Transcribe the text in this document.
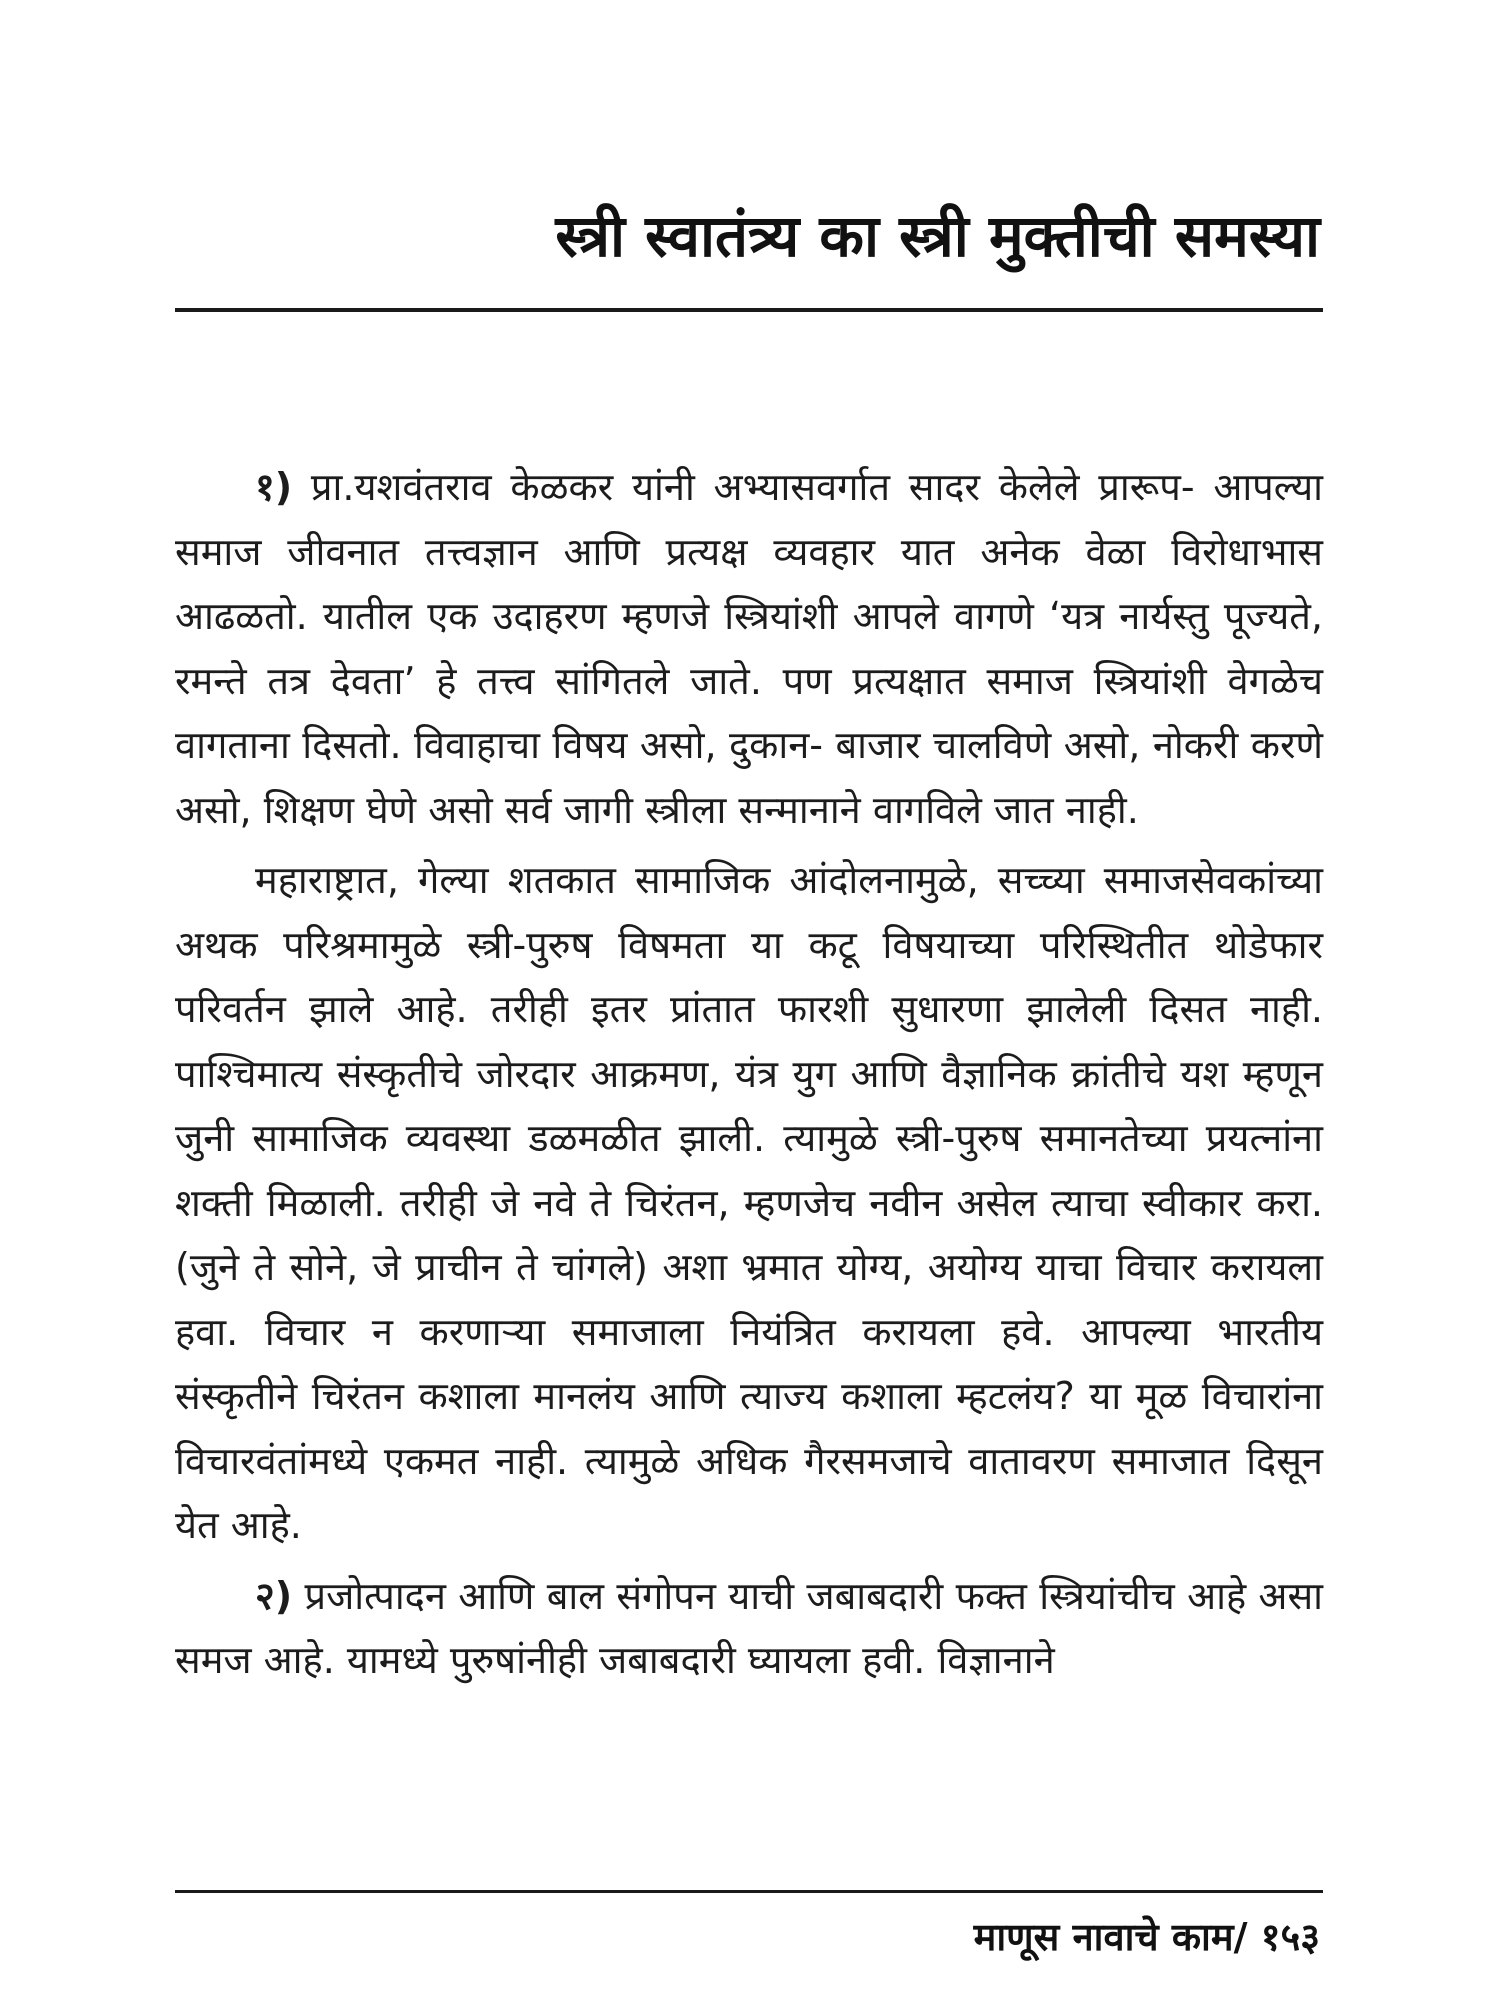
स्त्री स्वातंत्र्य का स्त्री मुक्तीची समस्या

१) प्रा.यशवंतराव केळकर यांनी अभ्यासवर्गात सादर केलेले प्रारूप- आपल्या समाज जीवनात तत्त्वज्ञान आणि प्रत्यक्ष व्यवहार यात अनेक वेळा विरोधाभास आढळतो. यातील एक उदाहरण म्हणजे स्त्रियांशी आपले वागणे ‘यत्र नार्यस्तु पूज्यते, रमन्ते तत्र देवता’ हे तत्त्व सांगितले जाते. पण प्रत्यक्षात समाज स्त्रियांशी वेगळेच वागताना दिसतो. विवाहाचा विषय असो, दुकान- बाजार चालविणे असो, नोकरी करणे असो, शिक्षण घेणे असो सर्व जागी स्त्रीला सन्मानाने वागविले जात नाही.

महाराष्ट्रात, गेल्या शतकात सामाजिक आंदोलनामुळे, सच्च्या समाजसेवकांच्या अथक परिश्रमामुळे स्त्री-पुरुष विषमता या कटू विषयाच्या परिस्थितीत थोडेफार परिवर्तन झाले आहे. तरीही इतर प्रांतात फारशी सुधारणा झालेली दिसत नाही. पाश्चिमात्य संस्कृतीचे जोरदार आक्रमण, यंत्र युग आणि वैज्ञानिक क्रांतीचे यश म्हणून जुनी सामाजिक व्यवस्था डळमळीत झाली. त्यामुळे स्त्री-पुरुष समानतेच्या प्रयत्नांना शक्ती मिळाली. तरीही जे नवे ते चिरंतन, म्हणजेच नवीन असेल त्याचा स्वीकार करा. (जुने ते सोने, जे प्राचीन ते चांगले) अशा भ्रमात योग्य, अयोग्य याचा विचार करायला हवा. विचार न करणाऱ्या समाजाला नियंत्रित करायला हवे. आपल्या भारतीय संस्कृतीने चिरंतन कशाला मानलंय आणि त्याज्य कशाला म्हटलंय? या मूळ विचारांना विचारवंतांमध्ये एकमत नाही. त्यामुळे अधिक गैरसमजाचे वातावरण समाजात दिसून येत आहे.

२) प्रजोत्पादन आणि बाल संगोपन याची जबाबदारी फक्त स्त्रियांचीच आहे असा समज आहे. यामध्ये पुरुषांनीही जबाबदारी घ्यायला हवी. विज्ञानाने

माणूस नावाचे काम/ १५३
